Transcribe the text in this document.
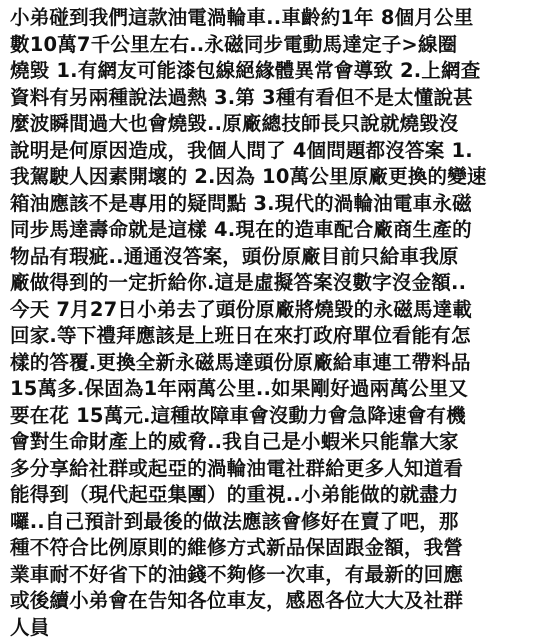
小弟碰到我們這款油電渦輪車..車齡約1年 8個月公里
數10萬7千公里左右..永磁同步電動馬達定子>線圈
燒毀 1.有網友可能漆包線絕緣體異常會導致 2.上網查
資料有另兩種說法過熱 3.第 3種有看但不是太懂說甚
麼波瞬間過大也會燒毀..原廠總技師長只說就燒毀沒
說明是何原因造成，我個人問了 4個問題都沒答案 1.
我駕駛人因素開壞的 2.因為 10萬公里原廠更換的變速
箱油應該不是專用的疑問點 3.現代的渦輪油電車永磁
同步馬達壽命就是這樣 4.現在的造車配合廠商生產的
物品有瑕疵..通通沒答案，頭份原廠目前只給車我原
廠做得到的一定折給你.這是虛擬答案沒數字沒金額..
今天 7月27日小弟去了頭份原廠將燒毀的永磁馬達載
回家.等下禮拜應該是上班日在來打政府單位看能有怎
樣的答覆.更換全新永磁馬達頭份原廠給車連工帶料品
15萬多.保固為1年兩萬公里..如果剛好過兩萬公里又
要在花 15萬元.這種故障車會沒動力會急降速會有機
會對生命財產上的威脅..我自己是小蝦米只能靠大家
多分享給社群或起亞的渦輪油電社群給更多人知道看
能得到（現代起亞集團）的重視..小弟能做的就盡力
囉..自己預計到最後的做法應該會修好在賣了吧，那
種不符合比例原則的維修方式新品保固跟金額，我營
業車耐不好省下的油錢不夠修一次車，有最新的回應
或後續小弟會在告知各位車友，感恩各位大大及社群
人員
